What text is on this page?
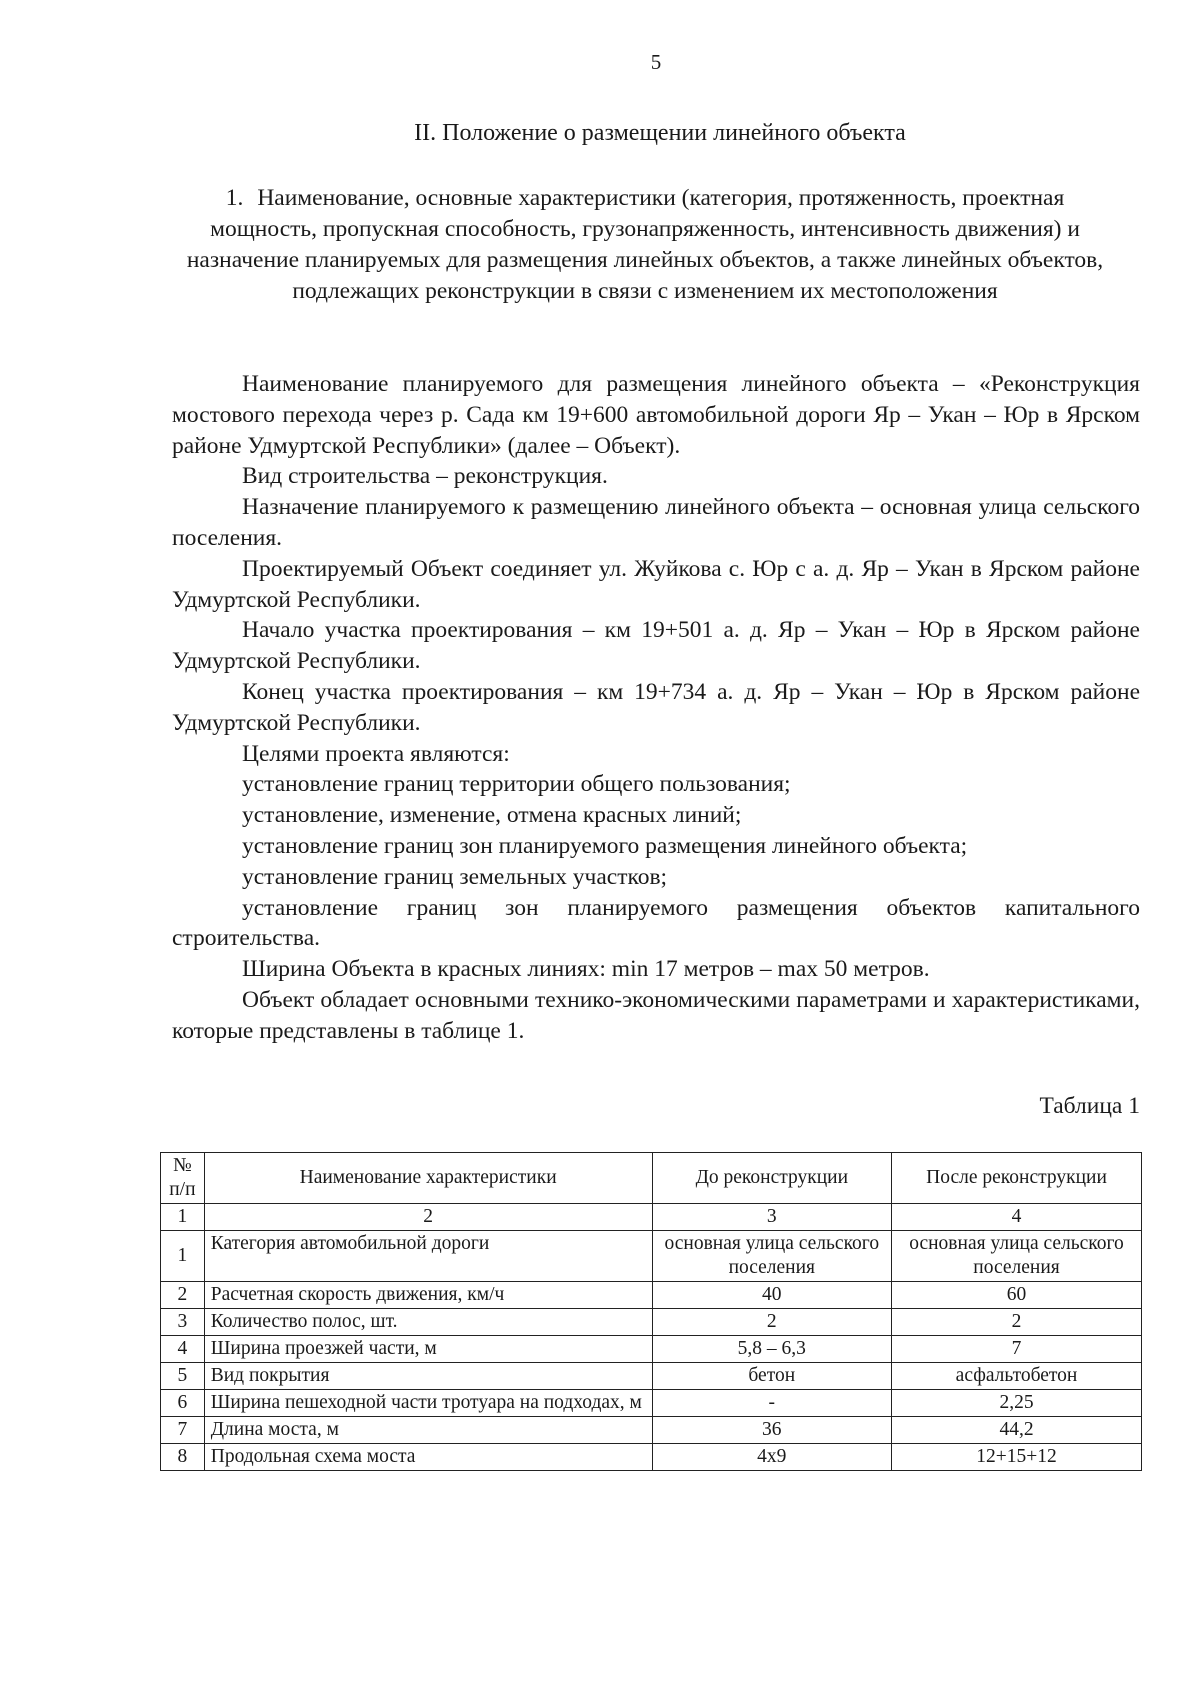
5
II. Положение о размещении линейного объекта
1. Наименование, основные характеристики (категория, протяженность, проектная мощность, пропускная способность, грузонапряженность, интенсивность движения) и назначение планируемых для размещения линейных объектов, а также линейных объектов, подлежащих реконструкции в связи с изменением их местоположения

Наименование планируемого для размещения линейного объекта – «Реконструкция мостового перехода через р. Сада км 19+600 автомобильной дороги Яр – Укан – Юр в Ярском районе Удмуртской Республики» (далее – Объект).

Вид строительства – реконструкция.

Назначение планируемого к размещению линейного объекта – основная улица сельского поселения.

Проектируемый Объект соединяет ул. Жуйкова с. Юр с а. д. Яр – Укан в Ярском районе Удмуртской Республики.

Начало участка проектирования – км 19+501 а. д. Яр – Укан – Юр в Ярском районе Удмуртской Республики.

Конец участка проектирования – км 19+734 а. д. Яр – Укан – Юр в Ярском районе Удмуртской Республики.

Целями проекта являются:

установление границ территории общего пользования;

установление, изменение, отмена красных линий;

установление границ зон планируемого размещения линейного объекта;

установление границ земельных участков;

установление границ зон планируемого размещения объектов капитального строительства.

Ширина Объекта в красных линиях: min 17 метров – max 50 метров.

Объект обладает основными технико-экономическими параметрами и характеристиками, которые представлены в таблице 1.

Таблица 1
№ п/п	Наименование характеристики	До реконструкции	После реконструкции
1	2	3	4
1	Категория автомобильной дороги	основная улица сельского поселения	основная улица сельского поселения
2	Расчетная скорость движения, км/ч	40	60
3	Количество полос, шт.	2	2
4	Ширина проезжей части, м	5,8 – 6,3	7
5	Вид покрытия	бетон	асфальтобетон
6	Ширина пешеходной части тротуара на подходах, м	-	2,25
7	Длина моста, м	36	44,2
8	Продольная схема моста	4х9	12+15+12
